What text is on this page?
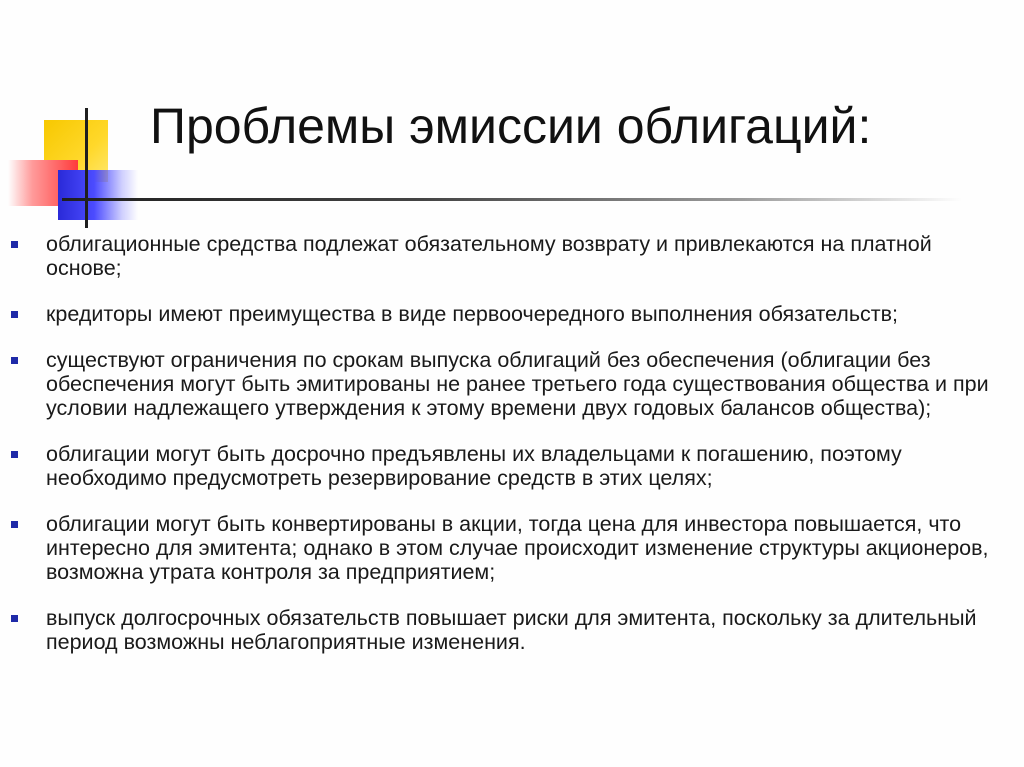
Проблемы эмиссии облигаций:
облигационные средства подлежат обязательному возврату и привлекаются на платной основе;
кредиторы имеют преимущества в виде первоочередного выполнения обязательств;
существуют ограничения по срокам выпуска облигаций без обеспечения (облигации без обеспечения могут быть эмитированы не ранее третьего года существования общества и при условии надлежащего утверждения к этому времени двух годовых балансов общества);
облигации могут быть досрочно предъявлены их владельцами к погашению, поэтому необходимо предусмотреть резервирование средств в этих целях;
облигации могут быть конвертированы в акции, тогда цена для инвестора повышается, что интересно для эмитента; однако в этом случае происходит изменение структуры акционеров, возможна утрата контроля за предприятием;
выпуск долгосрочных обязательств повышает риски для эмитента, поскольку за длительный период возможны неблагоприятные изменения.
